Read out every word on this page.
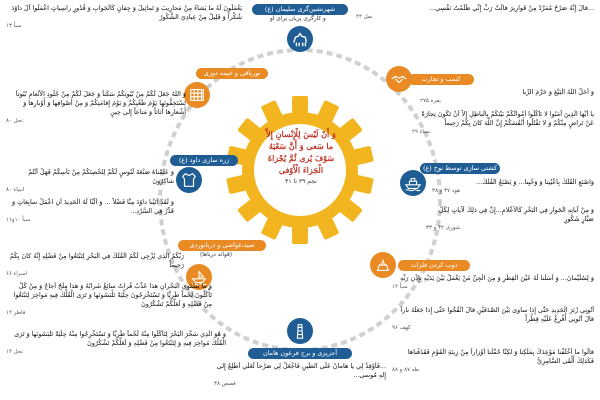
وَ أَنْ لَيْسَ لِلْإِنْسانِ إِلاَّ ما سَعى ‌ﻭَ أَنَّ سَعْيَهُ سَوْفَ يُرى ثُمَّ يُجْزاهُ الْجَزاءَ الْأَوْفى
نجم ۳۹ تا ۴۱
شهرنشین‌گری سلیمان (ع)
و کارگری پریان برای او
نورباقی و خیمه دوزی
زره سازی داود (ع)
صید،غواصی و دریانوردی
(قوائد دریاها)
آجرپزی و برج فرعون هامان
کسب و تجارت
کشتی سازی توسط نوح (ع)
ذوب کردن فلزات
يَعْمَلُونَ لَهُ ما يَشاءُ مِنْ مَحارِيبَ وَ تَماثِيلَ وَ جِفانٍ كَالْجَوابِ وَ قُدُورٍ راسِياتٍ اعْمَلُوا آلَ داوُدَ شُكْراً وَ قَلِيلٌ مِنْ عِبادِيَ الشَّكُورُ
سبأ ۱۳
وَ اللَّهُ جَعَلَ لَكُمْ مِنْ بُيُوتِكُمْ سَكَناً وَ جَعَلَ لَكُمْ مِنْ جُلُودِ الْأَنْعامِ بُيُوتاً تَسْتَخِفُّونَها يَوْمَ ظَعْنِكُمْ وَ يَوْمَ إِقامَتِكُمْ وَ مِنْ أَصْوافِها وَ أَوْبارِها وَ أَشْعارِها أَثاثاً وَ مَتاعاً إِلى حِينٍ
نحل ۸۰
وَ عَلَّمْناهُ صَنْعَةَ لَبُوسٍ لَكُمْ لِتُحْصِنَكُمْ مِنْ بَأْسِكُمْ فَهَلْ أَنْتُمْ شاكِرُونَ
انبیاء ۸۰
وَ لَقَدْ آتَيْنا داوُدَ مِنَّا فَضْلاً ... وَ أَلَنَّا لَهُ الْحَدِيدَ أَنِ اعْمَلْ سابِغاتٍ وَ قَدِّرْ فِي السَّرْدِ...
سبأ ۱۰و۱۱
رَبُّكُمُ الَّذِي يُزْجِي لَكُمُ الْفُلْكَ فِي الْبَحْرِ لِتَبْتَغُوا مِنْ فَضْلِهِ إِنَّهُ كانَ بِكُمْ رَحِيماً
اسراء ۶۶
وَ ما يَسْتَوِي الْبَحْرانِ هذا عَذْبٌ فُراتٌ سائِغٌ شَرابُهُ وَ هذا مِلْحٌ أُجاجٌ وَ مِنْ كُلٍّ تَأْكُلُونَ لَحْماً طَرِيًّا وَ تَسْتَخْرِجُونَ حِلْيَةً تَلْبَسُونَها وَ تَرَى الْفُلْكَ فِيهِ مَواخِرَ لِتَبْتَغُوا مِنْ فَضْلِهِ وَ لَعَلَّكُمْ تَشْكُرُونَ
فاطر ۱۲
وَ هُوَ الَّذِي سَخَّرَ الْبَحْرَ لِتَأْكُلُوا مِنْهُ لَحْماً طَرِيًّا وَ تَسْتَخْرِجُوا مِنْهُ حِلْيَةً تَلْبَسُونَها وَ تَرَى الْفُلْكَ مَواخِرَ فِيهِ وَ لِتَبْتَغُوا مِنْ فَضْلِهِ وَ لَعَلَّكُمْ تَشْكُرُونَ
نحل ۱۴
...فَأَوْقِدْ لِي يا هامانُ عَلَى الطِّينِ فَاجْعَلْ لِي صَرْحاً لَعَلِّي أَطَّلِعُ إِلى إِلهِ مُوسى...
قصص ۳۸
...قالَ إِنَّهُ صَرْحٌ مُمَرَّدٌ مِنْ قَوارِيرَ قالَتْ رَبِّ إِنِّي ظَلَمْتُ نَفْسِي...
نمل ۴۴
وَ أَحَلَّ اللَّهُ الْبَيْعَ وَ حَرَّمَ الرِّبا
بقره ۲۷۵
يا أَيُّهَا الَّذِينَ آمَنُوا لا تَأْكُلُوا أَمْوالَكُمْ بَيْنَكُمْ بِالْباطِلِ إِلاَّ أَنْ تَكُونَ تِجارَةً عَنْ تَراضٍ مِنْكُمْ وَ لا تَقْتُلُوا أَنْفُسَكُمْ إِنَّ اللَّهَ كانَ بِكُمْ رَحِيماً
نساء ۲۹
وَاصْنَعِ الْفُلْكَ بِأَعْيُنِنا وَ وَحْيِنا... وَ يَصْنَعُ الْفُلْكَ...
هود ۳۷ و ۳۸
وَ مِنْ آياتِهِ الْجَوارِ فِي الْبَحْرِ كَالْأَعْلامِ...إِنَّ فِي ذلِكَ لَآياتٍ لِكُلِّ صَبَّارٍ شَكُورٍ
شوری ۳۲ و ۳۳
وَ لِسُلَيْمانَ... وَ أَسَلْنا لَهُ عَيْنَ الْقِطْرِ وَ مِنَ الْجِنِّ مَنْ يَعْمَلُ بَيْنَ يَدَيْهِ بِإِذْنِ رَبِّهِ
سبأ ۱۲
آتُونِي زُبَرَ الْحَدِيدِ حَتَّى إِذا ساوى بَيْنَ الصَّدَفَيْنِ قالَ انْفُخُوا حَتَّى إِذا جَعَلَهُ ناراً قالَ آتُونِي أُفْرِغْ عَلَيْهِ قِطْراً
کهف ۹۶
قالُوا ما أَخْلَفْنا مَوْعِدَكَ بِمَلْكِنا وَ لكِنَّا حُمِّلْنا أَوْزاراً مِنْ زِينَةِ الْقَوْمِ فَقَذَفْناها فَكَذلِكَ أَلْقَى السَّامِرِيُّ
طه ۸۷ و ۸۸
